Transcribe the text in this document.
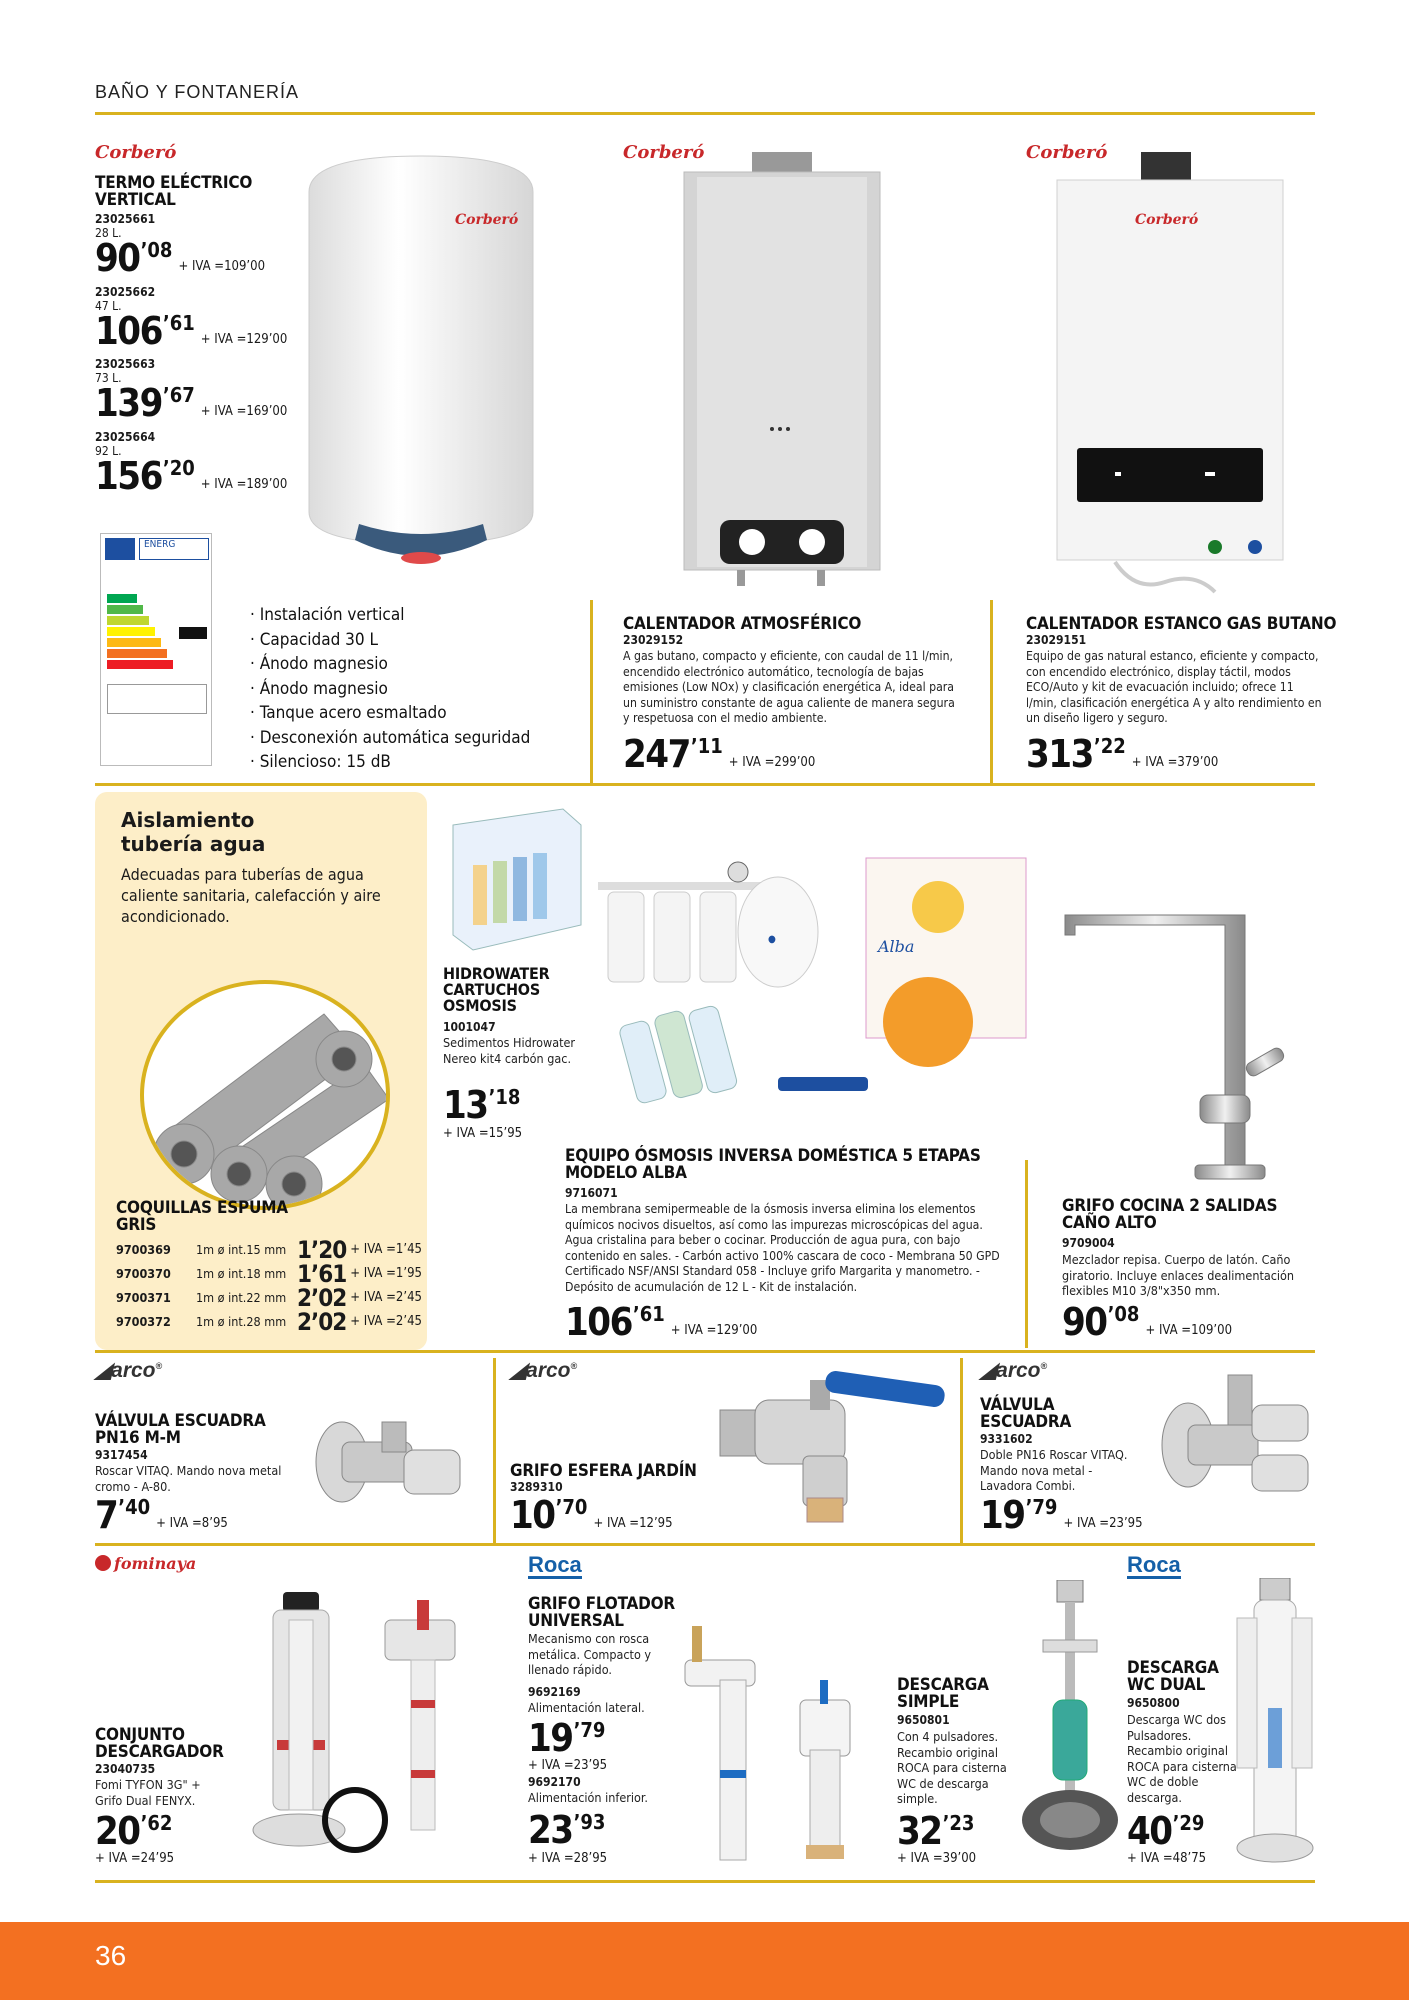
BAÑO Y FONTANERÍA
Corberó
TERMO ELÉCTRICO VERTICAL
23025661
28 L.
90 ’08
+ IVA =109’00
23025662
47 L.
106 ’61
+ IVA =129’00
23025663
73 L.
139 ’67
+ IVA =169’00
23025664
92 L.
156 ’20
+ IVA =189’00
ENERG
Corberó
· Instalación vertical
· Capacidad 30 L
· Ánodo magnesio
· Ánodo magnesio
· Tanque acero esmaltado
· Desconexión automática seguridad
· Silencioso: 15 dB
Corberó
CALENTADOR ATMOSFÉRICO
23029152
A gas butano, compacto y eficiente, con caudal de 11 l/min, encendido electrónico automático, tecnología de bajas emisiones (Low NOx) y clasificación energética A, ideal para un suministro constante de agua caliente de manera segura y respetuosa con el medio ambiente.
247 ’11
+ IVA =299’00
Corberó
Corberó
CALENTADOR ESTANCO GAS BUTANO
23029151
Equipo de gas natural estanco, eficiente y compacto, con encendido electrónico, display táctil, modos ECO/Auto y kit de evacuación incluido; ofrece 11 l/min, clasificación energética A y alto rendimiento en un diseño ligero y seguro.
313 ’22
+ IVA =379’00
Aislamiento tubería agua
Adecuadas para tuberías de agua caliente sanitaria, calefacción y aire acondicionado.
COQUILLAS ESPUMA GRIS
9700369	1m ø int.15 mm 1’20 + IVA =1’45
9700370	1m ø int.18 mm 1’61 + IVA =1’95
9700371	1m ø int.22 mm 2’02 + IVA =2’45
9700372	1m ø int.28 mm 2’02 + IVA =2’45
HIDROWATER CARTUCHOS OSMOSIS
1001047
Sedimentos Hidrowater Nereo kit4 carbón gac.
13 ’18
+ IVA =15’95
●	Alba
EQUIPO ÓSMOSIS INVERSA DOMÉSTICA 5 ETAPAS MODELO ALBA
9716071
La membrana semipermeable de la ósmosis inversa elimina los elementos químicos nocivos disueltos, así como las impurezas microscópicas del agua. Agua cristalina para beber o cocinar. Producción de agua pura, con bajo contenido en sales. - Carbón activo 100% cascara de coco - Membrana 50 GPD Certificado NSF/ANSI Standard 058 - Incluye grifo Margarita y manometro. - Depósito de acumulación de 12 L - Kit de instalación.
106 ’61
+ IVA =129’00
GRIFO COCINA 2 SALIDAS CAÑO ALTO
9709004
Mezclador repisa. Cuerpo de latón. Caño giratorio. Incluye enlaces dealimentación flexibles M10 3/8"x350 mm.
90 ’08
+ IVA =109’00
◢arco®
VÁLVULA ESCUADRA PN16 M-M
9317454
Roscar VITAQ. Mando nova metal cromo - A-80.
7 ’40
+ IVA =8’95
◢arco®
GRIFO ESFERA JARDÍN
3289310
10 ’70
+ IVA =12’95
◢arco®
VÁLVULA ESCUADRA
9331602
Doble PN16 Roscar VITAQ. Mando nova metal - Lavadora Combi.
19 ’79
+ IVA =23’95
fominaya
CONJUNTO DESCARGADOR
23040735
Fomi TYFON 3G" + Grifo Dual FENYX.
20 ’62
+ IVA =24’95
Roca
GRIFO FLOTADOR UNIVERSAL
Mecanismo con rosca metálica. Compacto y llenado rápido.
9692169
Alimentación lateral.
19 ’79
+ IVA =23’95
9692170
Alimentación inferior.
23 ’93
+ IVA =28’95
DESCARGA SIMPLE
9650801
Con 4 pulsadores. Recambio original ROCA para cisterna WC de descarga simple.
32 ’23
+ IVA =39’00
Roca
DESCARGA WC DUAL
9650800
Descarga WC dos Pulsadores. Recambio original ROCA para cisterna WC de doble descarga.
40 ’29
+ IVA =48’75
36
